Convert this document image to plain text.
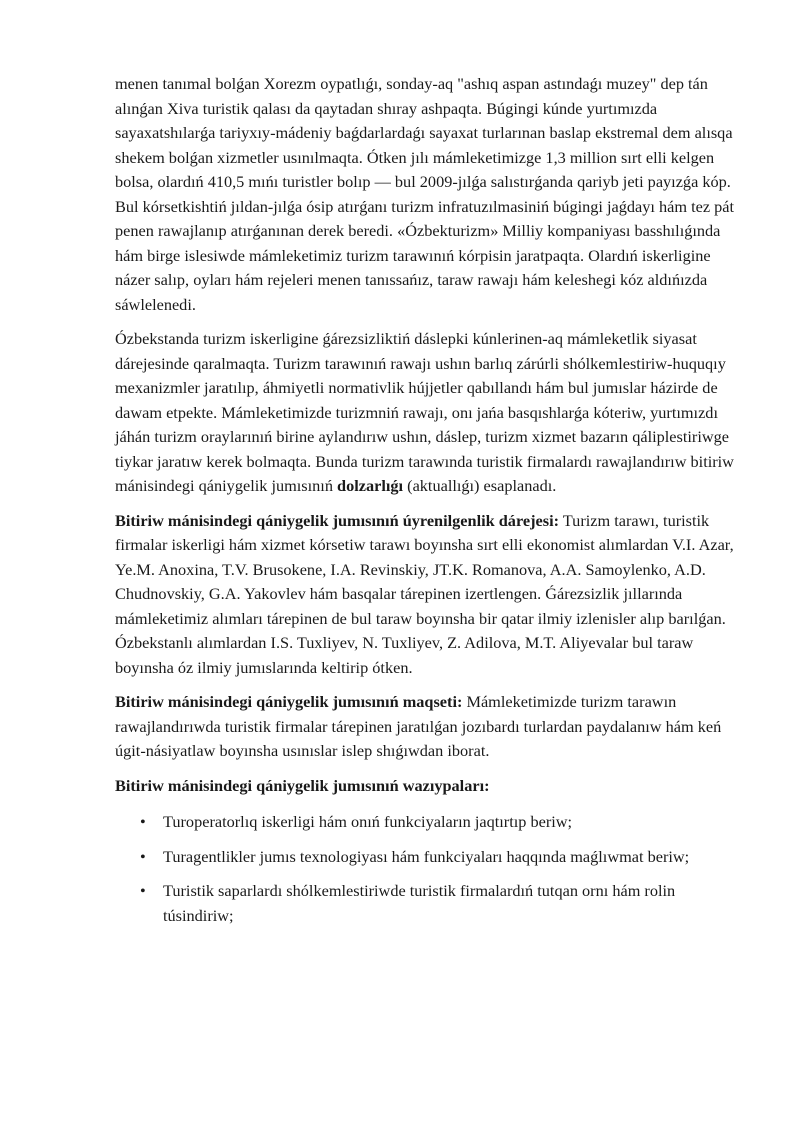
menen tanımal bolǵan Xorezm oypatlıǵı, sonday-aq "ashıq aspan astındaǵı muzey" dep tán alınǵan Xiva turistik qalası da qaytadan shıray ashpaqta. Búgingi kúnde yurtımızda sayaxatshılarǵa tariyxıy-mádeniy baǵdarlardaǵı sayaxat turlarınan baslap ekstremal dem alısqa shekem bolǵan xizmetler usınılmaqta. Ótken jılı mámleketimizge 1,3 million sırt elli kelgen bolsa, olardıń 410,5 mıńı turistler bolıp — bul 2009-jılǵa salıstırǵanda qariyb jeti payızǵa kóp. Bul kórsetkishtiń jıldan-jılǵa ósip atırǵanı turizm infratuzılmasiniń búgingi jaǵdayı hám tez pát penen rawajlanıp atırǵanınan derek beredi. «Ózbekturizm» Milliy kompaniyası basshılıǵında hám birge islesiwde mámleketimiz turizm tarawınıń kórpisin jaratpaqta. Olardıń iskerligine názer salıp, oyları hám rejeleri menen tanıssańız, taraw rawajı hám keleshegi kóz aldıńızda sáwlelenedi.

Ózbekstanda turizm iskerligine ǵárezsizliktiń dáslepki kúnlerinen-aq mámleketlik siyasat dárejesinde qaralmaqta. Turizm tarawınıń rawajı ushın barlıq zárúrli shólkemlestiriw-huquqıy mexanizmler jaratılıp, áhmiyetli normativlik hújjetler qabıllandı hám bul jumıslar házirde de dawam etpekte. Mámleketimizde turizmniń rawajı, onı jańa basqıshlarǵa kóteriw, yurtımızdı jáhán turizm oraylarınıń birine aylandırıw ushın, dáslep, turizm xizmet bazarın qáliplestiriwge tiykar jaratıw kerek bolmaqta. Bunda turizm tarawında turistik firmalardı rawajlandırıw bitiriw mánisindegi qániygelik jumısınıń dolzarlıǵı (aktuallıǵı) esaplanadı.

Bitiriw mánisindegi qániygelik jumısınıń úyrenilgenlik dárejesi: Turizm tarawı, turistik firmalar iskerligi hám xizmet kórsetiw tarawı boyınsha sırt elli ekonomist alımlardan V.I. Azar, Ye.M. Anoxina, T.V. Brusokene, I.A. Revinskiy, JT.K. Romanova, A.A. Samoylenko, A.D. Chudnovskiy, G.A. Yakovlev hám basqalar tárepinen izertlengen. Ǵárezsizlik jıllarında mámleketimiz alımları tárepinen de bul taraw boyınsha bir qatar ilmiy izlenisler alıp barılǵan. Ózbekstanlı alımlardan I.S. Tuxliyev, N. Tuxliyev, Z. Adilova, M.T. Aliyevalar bul taraw boyınsha óz ilmiy jumıslarında keltirip ótken.

Bitiriw mánisindegi qániygelik jumısınıń maqseti: Mámleketimizde turizm tarawın rawajlandırıwda turistik firmalar tárepinen jaratılǵan jozıbardı turlardan paydalanıw hám keń úgit-násiyatlaw boyınsha usınıslar islep shıǵıwdan iborat.

Bitiriw mánisindegi qániygelik jumısınıń wazıypaları:

• Turoperatorlıq iskerligi hám onıń funkciyaların jaqtırtıp beriw;
• Turagentlikler jumıs texnologiyası hám funkciyaları haqqında maǵlıwmat beriw;
• Turistik saparlardı shólkemlestiriwde turistik firmalardıń tutqan ornı hám rolin túsindiriw;
